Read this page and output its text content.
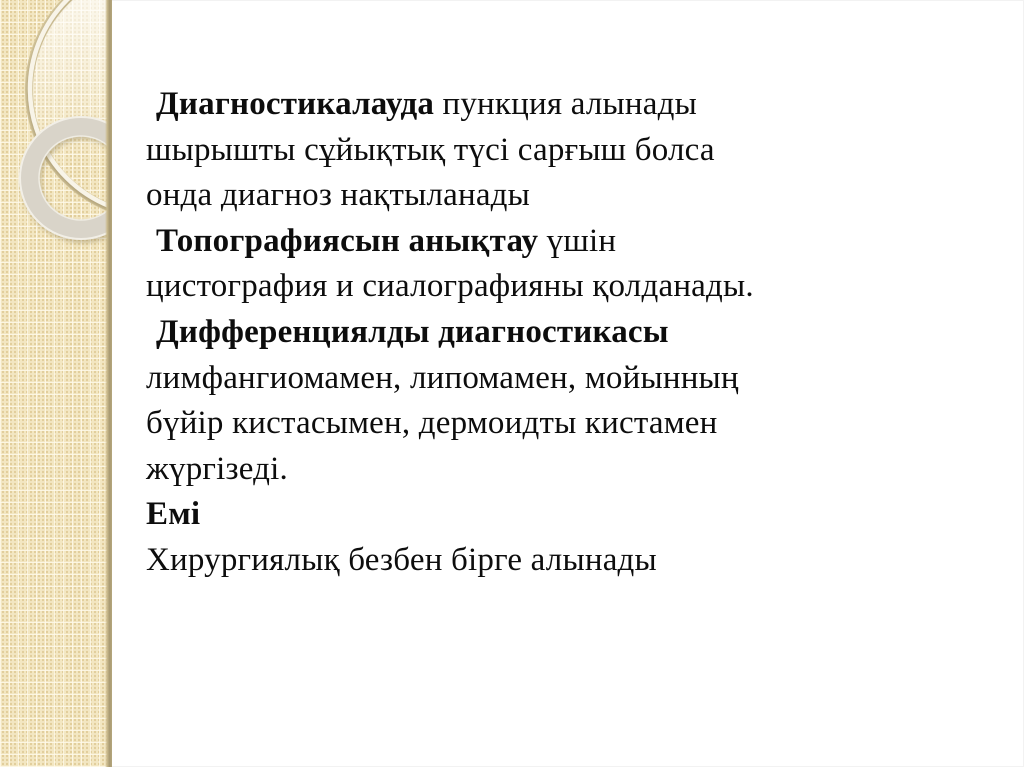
Диагностикалауда пункция алынады
шырышты сұйықтық түсі сарғыш болса
онда диагноз нақтыланады
Топографиясын анықтау үшін
цистография и сиалографияны қолданады.
Дифференциялды диагностикасы
лимфангиомамен, липомамен, мойынның
бүйір кистасымен, дермоидты кистамен
жүргізеді.
Емі
Хирургиялық безбен бірге алынады
